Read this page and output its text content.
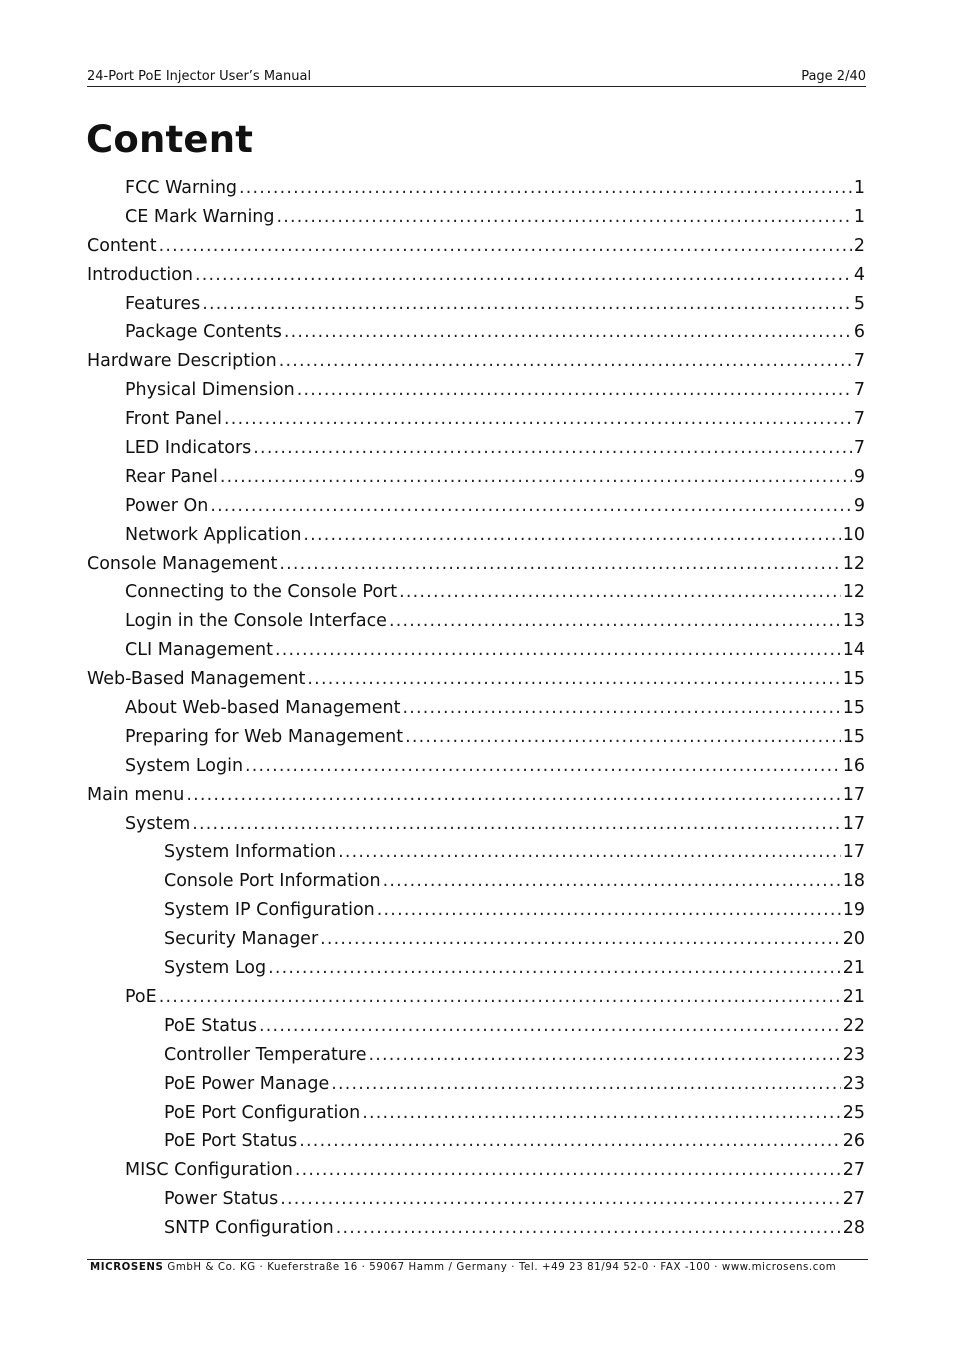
24-Port PoE Injector User’s Manual	Page 2/40
Content
FCC Warning .....	1
CE Mark Warning .....	1
Content .....	2
Introduction .....	4
Features .....	5
Package Contents .....	6
Hardware Description .....	7
Physical Dimension .....	7
Front Panel .....	7
LED Indicators .....	7
Rear Panel .....	9
Power On .....	9
Network Application .....	10
Console Management .....	12
Connecting to the Console Port .....	12
Login in the Console Interface .....	13
CLI Management .....	14
Web-Based Management .....	15
About Web-based Management .....	15
Preparing for Web Management .....	15
System Login .....	16
Main menu .....	17
System .....	17
System Information .....	17
Console Port Information .....	18
System IP Configuration .....	19
Security Manager .....	20
System Log .....	21
PoE .....	21
PoE Status .....	22
Controller Temperature .....	23
PoE Power Manage .....	23
PoE Port Configuration .....	25
PoE Port Status .....	26
MISC Configuration .....	27
Power Status .....	27
SNTP Configuration .....	28
MICROSENS GmbH & Co. KG · Kueferstraße 16 · 59067 Hamm / Germany · Tel. +49 23 81/94 52-0 · FAX -100 · www.microsens.com
